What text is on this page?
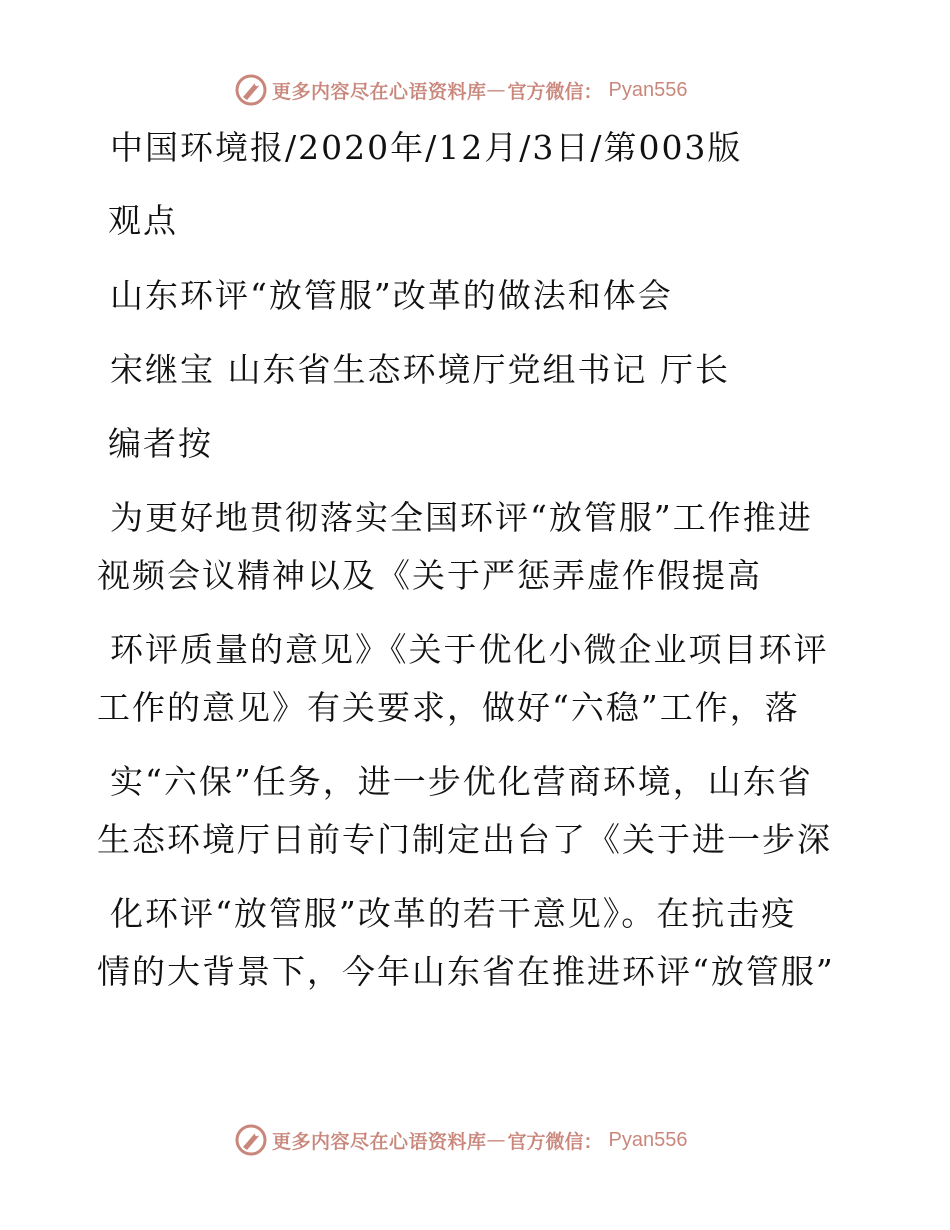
更多内容尽在心语资料库 — 官方微信： Pyan556
中国环境报/2020年/12月/3日/第003版
观点
山东环评“放管服”改革的做法和体会
宋继宝 山东省生态环境厅党组书记 厅长
编者按
为更好地贯彻落实全国环评“放管服”工作推进
视频会议精神以及《关于严惩弄虚作假提高
环评质量的意见》《关于优化小微企业项目环评
工作的意见》有关要求，做好“六稳”工作，落
实“六保”任务，进一步优化营商环境，山东省
生态环境厅日前专门制定出台了《关于进一步深
化环评“放管服”改革的若干意见》。在抗击疫
情的大背景下，今年山东省在推进环评“放管服”
更多内容尽在心语资料库 — 官方微信： Pyan556
